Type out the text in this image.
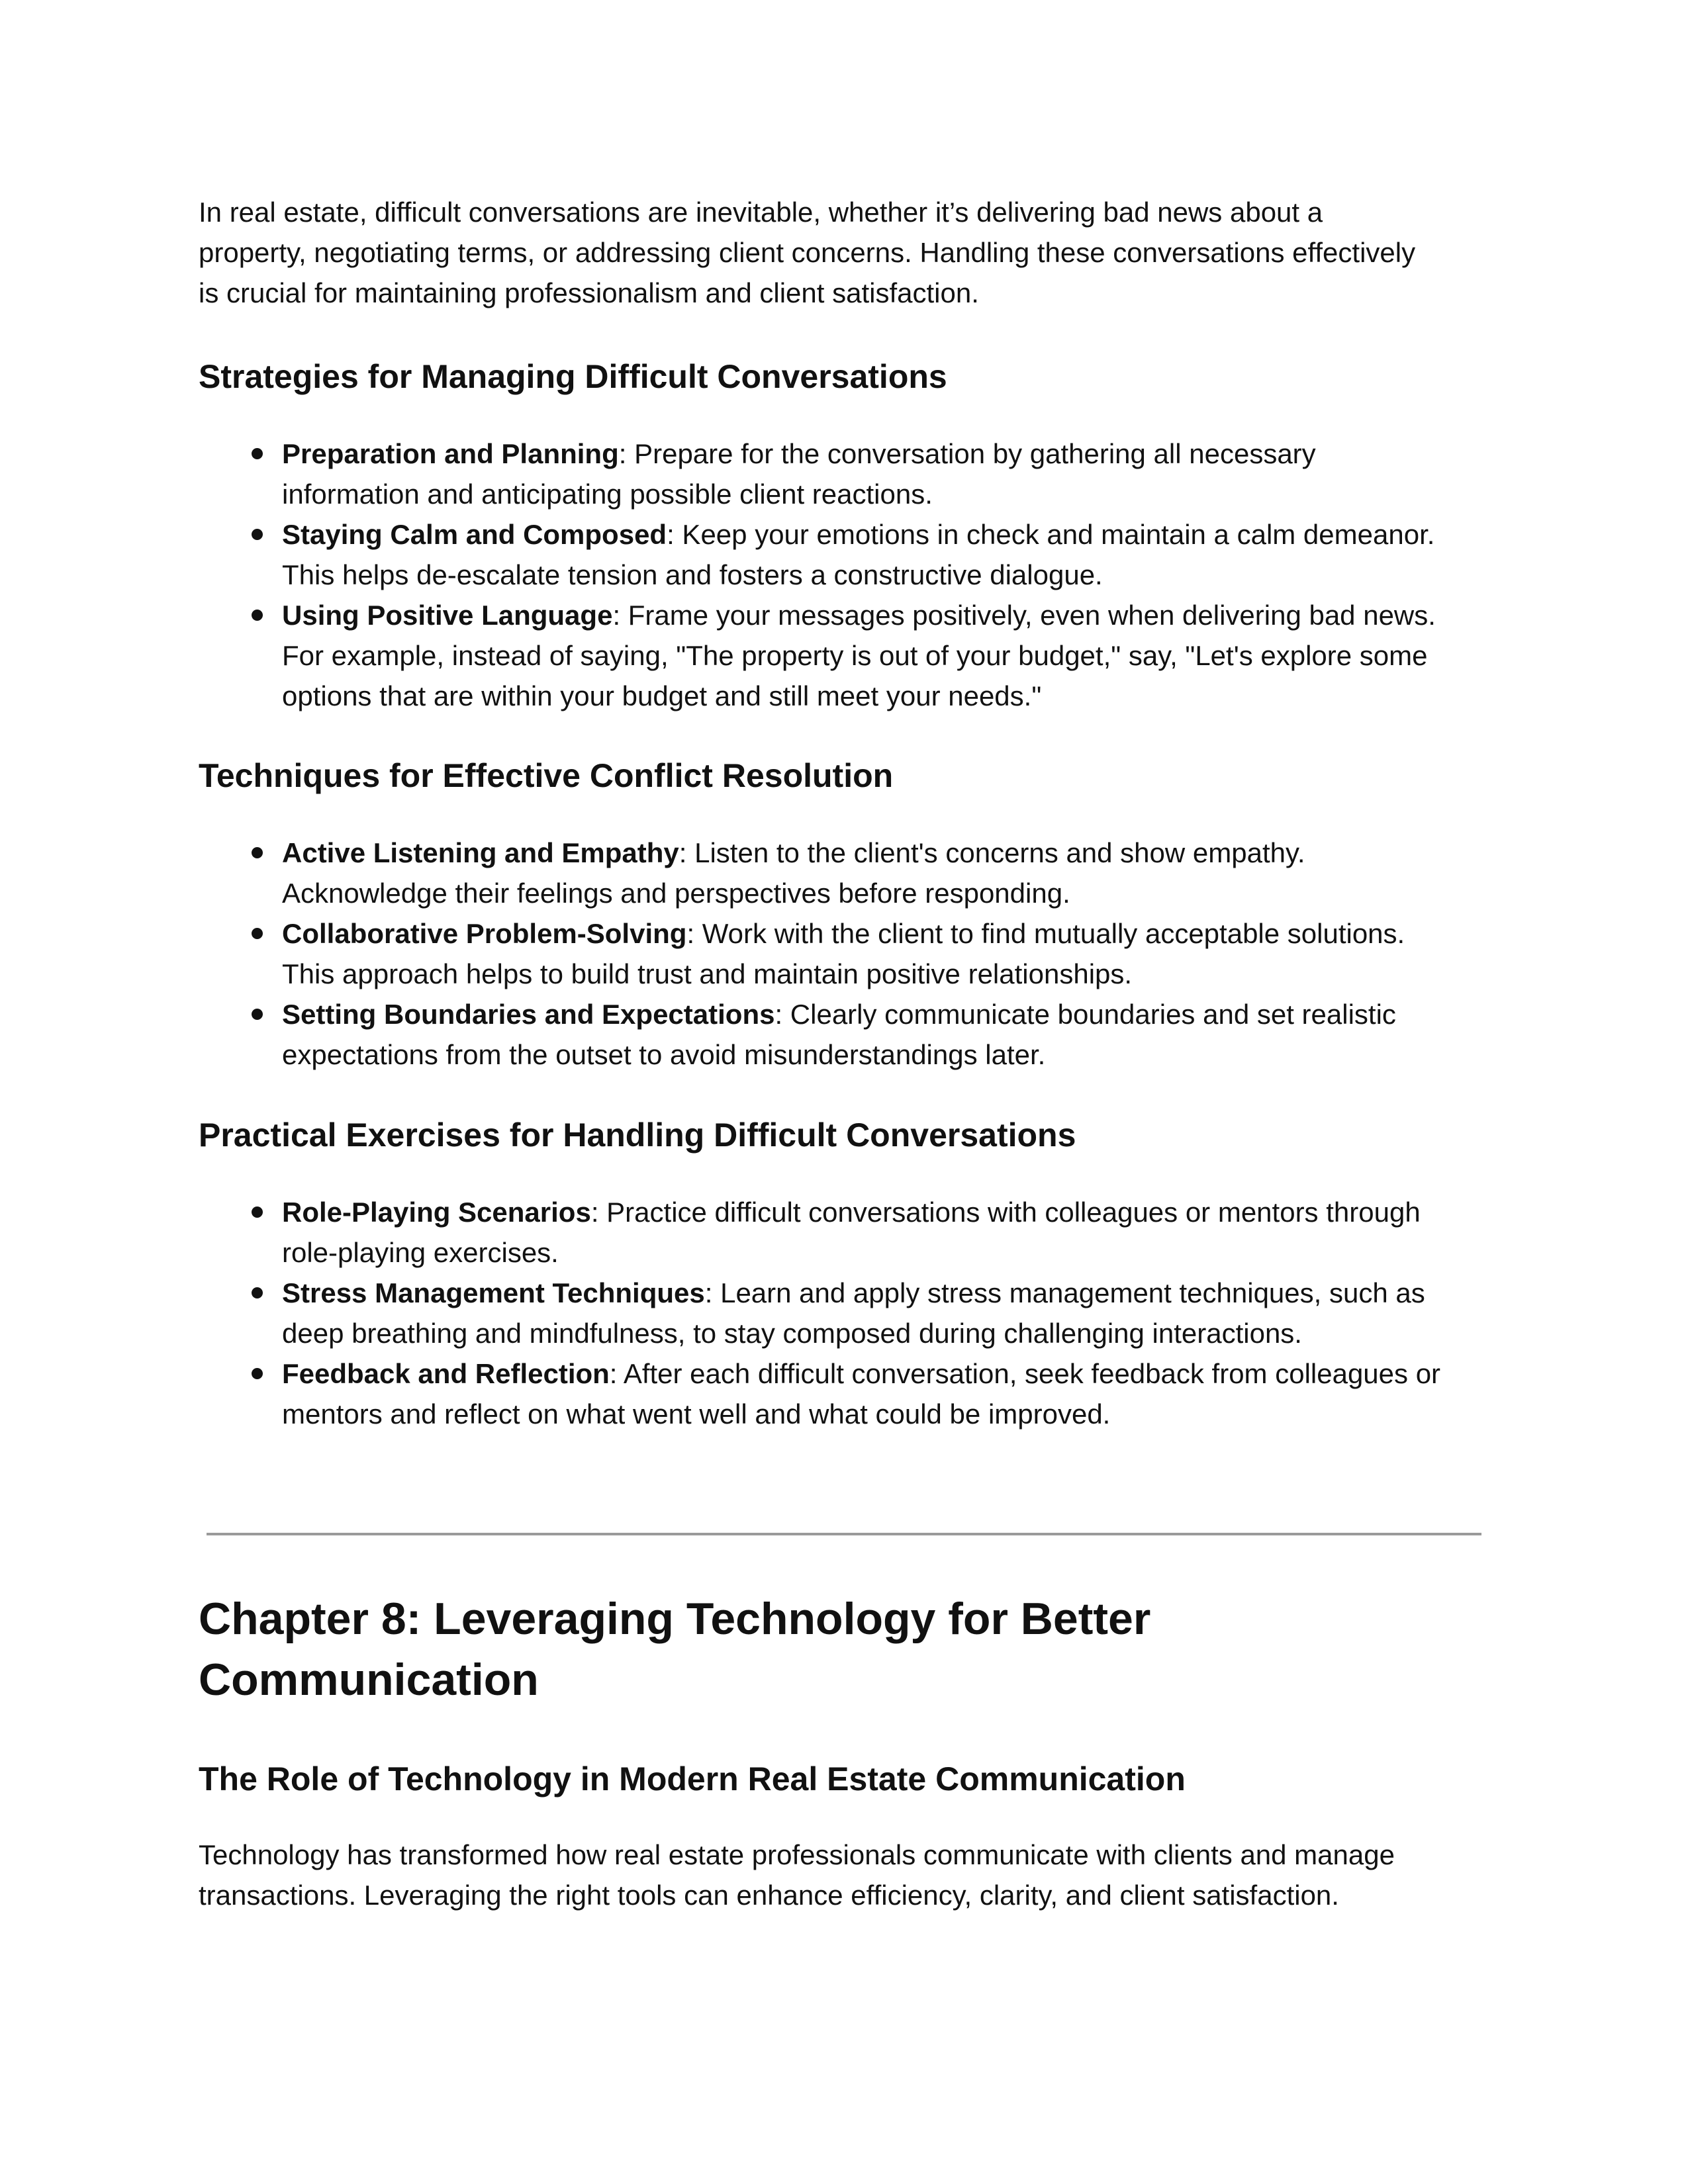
In real estate, difficult conversations are inevitable, whether it’s delivering bad news about a property, negotiating terms, or addressing client concerns. Handling these conversations effectively is crucial for maintaining professionalism and client satisfaction.

Strategies for Managing Difficult Conversations
Preparation and Planning: Prepare for the conversation by gathering all necessary information and anticipating possible client reactions.
Staying Calm and Composed: Keep your emotions in check and maintain a calm demeanor. This helps de-escalate tension and fosters a constructive dialogue.
Using Positive Language: Frame your messages positively, even when delivering bad news. For example, instead of saying, "The property is out of your budget," say, "Let's explore some options that are within your budget and still meet your needs."
Techniques for Effective Conflict Resolution
Active Listening and Empathy: Listen to the client's concerns and show empathy. Acknowledge their feelings and perspectives before responding.
Collaborative Problem-Solving: Work with the client to find mutually acceptable solutions. This approach helps to build trust and maintain positive relationships.
Setting Boundaries and Expectations: Clearly communicate boundaries and set realistic expectations from the outset to avoid misunderstandings later.
Practical Exercises for Handling Difficult Conversations
Role-Playing Scenarios: Practice difficult conversations with colleagues or mentors through role-playing exercises.
Stress Management Techniques: Learn and apply stress management techniques, such as deep breathing and mindfulness, to stay composed during challenging interactions.
Feedback and Reflection: After each difficult conversation, seek feedback from colleagues or mentors and reflect on what went well and what could be improved.
Chapter 8: Leveraging Technology for Better Communication
The Role of Technology in Modern Real Estate Communication

Technology has transformed how real estate professionals communicate with clients and manage transactions. Leveraging the right tools can enhance efficiency, clarity, and client satisfaction.
